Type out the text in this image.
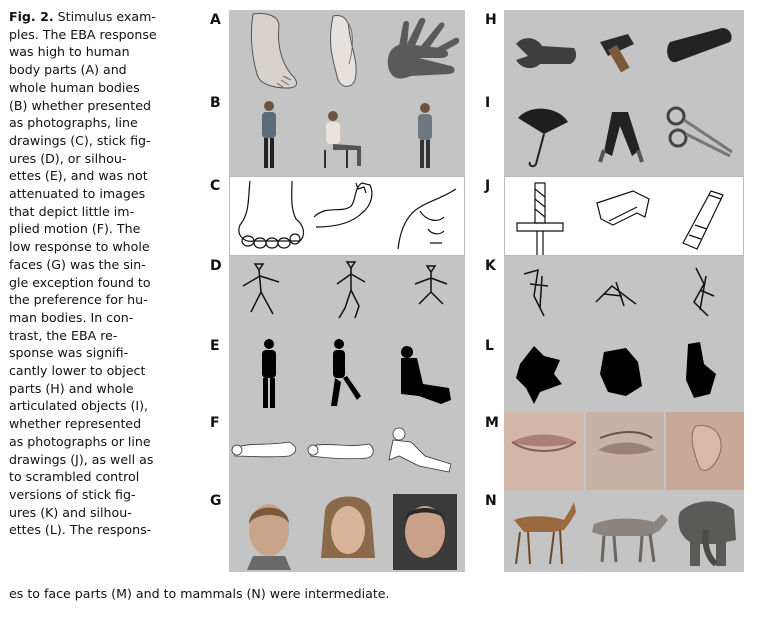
Fig. 2. Stimulus exam-
ples. The EBA response
was high to human
body parts (A) and
whole human bodies
(B) whether presented
as photographs, line
drawings (C), stick fig-
ures (D), or silhou-
ettes (E), and was not
attenuated to images
that depict little im-
plied motion (F). The
low response to whole
faces (G) was the sin-
gle exception found to
the preference for hu-
man bodies. In con-
trast, the EBA re-
sponse was signifi-
cantly lower to object
parts (H) and whole
articulated objects (I),
whether represented
as photographs or line
drawings (J), as well as
to scrambled control
versions of stick fig-
ures (K) and silhou-
ettes (L). The respons-
es to face parts (M) and to mammals (N) were intermediate.
A
B
C
D
E
F
G
H
I
J
K
L
M
N
